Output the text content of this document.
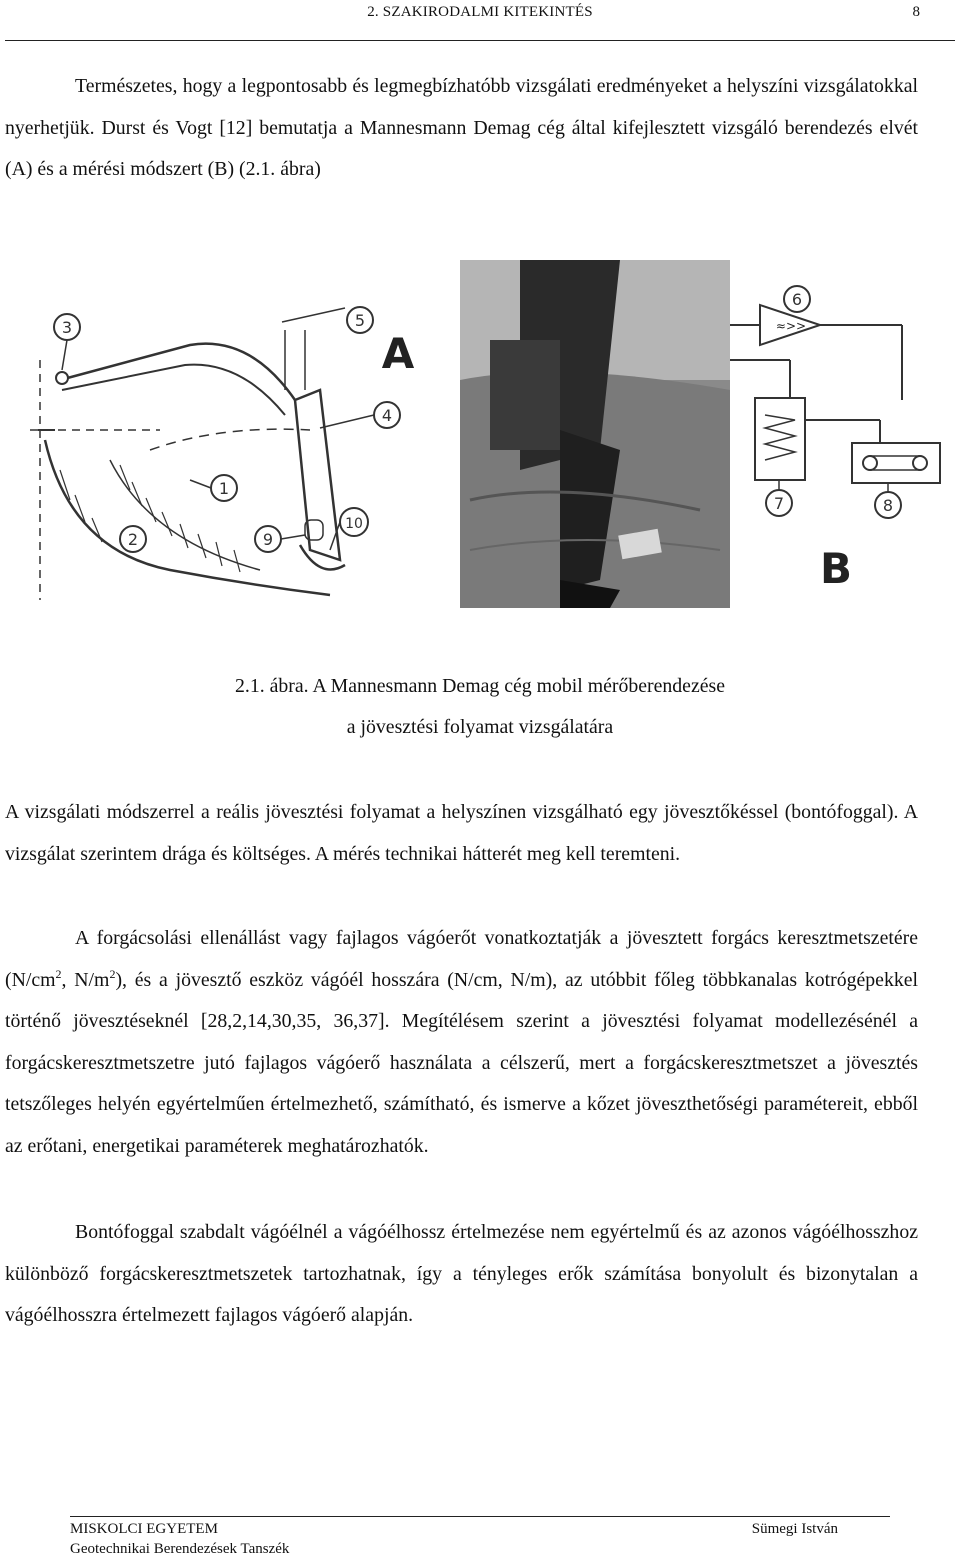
2. SZAKIRODALMI KITEKINTÉS	8

Természetes, hogy a legpontosabb és legmegbízhatóbb vizsgálati eredményeket a helyszíni vizsgálatokkal nyerhetjük. Durst és Vogt [12] bemutatja a Mannesmann Demag cég által kifejlesztett vizsgáló berendezés elvét (A) és a mérési módszert (B) (2.1. ábra)

1
2
3
4
5
9
10
A
≈>>
6
7	8
B

2.1. ábra. A Mannesmann Demag cég mobil mérőberendezése

a jövesztési folyamat vizsgálatára

A vizsgálati módszerrel a reális jövesztési folyamat a helyszínen vizsgálható egy jövesztőkéssel (bontófoggal). A vizsgálat szerintem drága és költséges. A mérés technikai hátterét meg kell teremteni.

A forgácsolási ellenállást vagy fajlagos vágóerőt vonatkoztatják a jövesztett forgács keresztmetszetére ($N/cm^2$, $N/m^2$), és a jövesztő eszköz vágóél hosszára (N/cm, N/m), az utóbbit főleg többkanalas kotrógépekkel történő jövesztéseknél [28,2,14,30,35, 36,37]. Megítélésem szerint a jövesztési folyamat modellezésénél a forgácskeresztmetszetre jutó fajlagos vágóerő használata a célszerű, mert a forgácskeresztmetszet a jövesztés tetszőleges helyén egyértelműen értelmezhető, számítható, és ismerve a kőzet jöveszthetőségi paramétereit, ebből az erőtani, energetikai paraméterek meghatározhatók.

Bontófoggal szabdalt vágóélnél a vágóélhossz értelmezése nem egyértelmű és az azonos vágóélhosszhoz különböző forgácskeresztmetszetek tartozhatnak, így a tényleges erők számítása bonyolult és bizonytalan a vágóélhosszra értelmezett fajlagos vágóerő alapján.

MISKOLCI EGYETEM
Geotechnikai Berendezések Tanszék
Sümegi István
